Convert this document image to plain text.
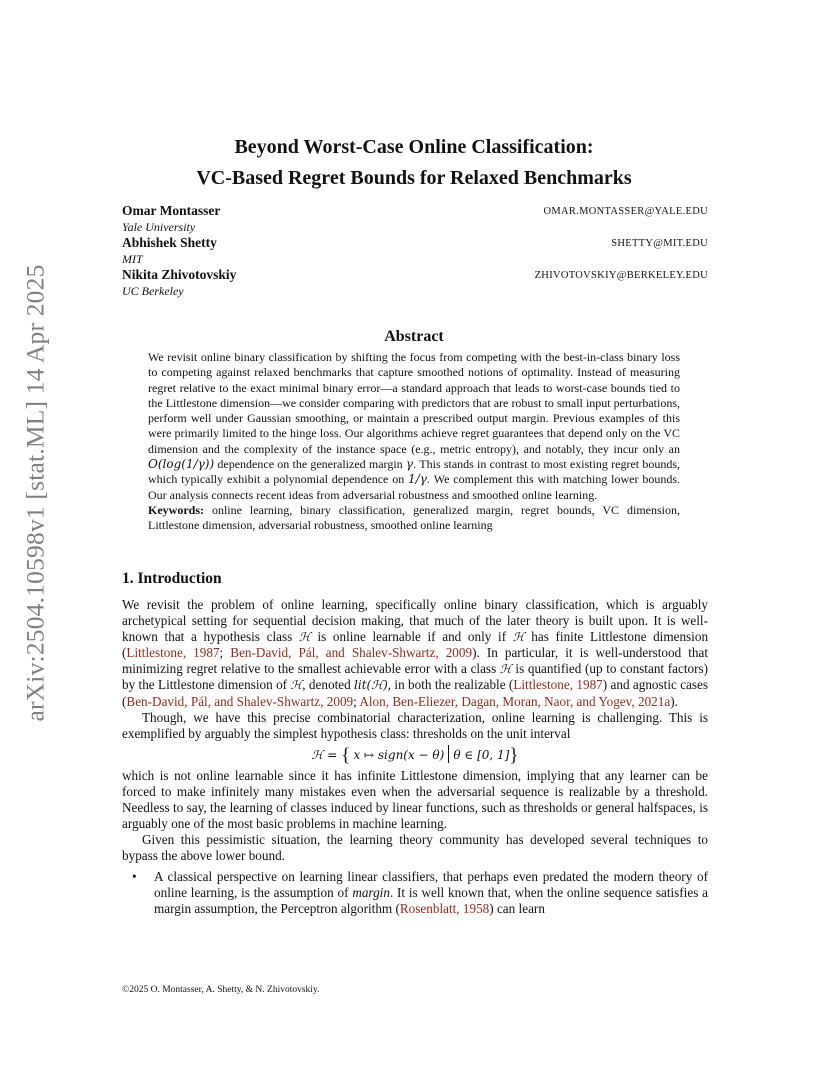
arXiv:2504.10598v1 [stat.ML] 14 Apr 2025
Beyond Worst-Case Online Classification:
VC-Based Regret Bounds for Relaxed Benchmarks
Omar Montasser
Yale University
OMAR.MONTASSER@YALE.EDU
Abhishek Shetty
MIT
SHETTY@MIT.EDU
Nikita Zhivotovskiy
UC Berkeley
ZHIVOTOVSKIY@BERKELEY.EDU
Abstract

We revisit online binary classification by shifting the focus from competing with the best-in-class binary loss to competing against relaxed benchmarks that capture smoothed notions of optimality. Instead of measuring regret relative to the exact minimal binary error—a standard approach that leads to worst-case bounds tied to the Littlestone dimension—we consider comparing with predictors that are robust to small input perturbations, perform well under Gaussian smoothing, or maintain a prescribed output margin. Previous examples of this were primarily limited to the hinge loss. Our algorithms achieve regret guarantees that depend only on the VC dimension and the complexity of the instance space (e.g., metric entropy), and notably, they incur only an O(log(1/γ)) dependence on the generalized margin γ. This stands in contrast to most existing regret bounds, which typically exhibit a polynomial dependence on 1/γ. We complement this with matching lower bounds. Our analysis connects recent ideas from adversarial robustness and smoothed online learning.

Keywords: online learning, binary classification, generalized margin, regret bounds, VC dimension, Littlestone dimension, adversarial robustness, smoothed online learning

1. Introduction

We revisit the problem of online learning, specifically online binary classification, which is arguably archetypical setting for sequential decision making, that much of the later theory is built upon. It is well-known that a hypothesis class ℋ is online learnable if and only if ℋ has finite Littlestone dimension (Littlestone, 1987; Ben-David, Pál, and Shalev-Shwartz, 2009). In particular, it is well-understood that minimizing regret relative to the smallest achievable error with a class ℋ is quantified (up to constant factors) by the Littlestone dimension of ℋ, denoted lit(ℋ), in both the realizable (Littlestone, 1987) and agnostic cases (Ben-David, Pál, and Shalev-Shwartz, 2009; Alon, Ben-Eliezer, Dagan, Moran, Naor, and Yogev, 2021a).

Though, we have this precise combinatorial characterization, online learning is challenging. This is exemplified by arguably the simplest hypothesis class: thresholds on the unit interval

ℋ = { x ↦ sign(x − θ) θ ∈ [0, 1]}

which is not online learnable since it has infinite Littlestone dimension, implying that any learner can be forced to make infinitely many mistakes even when the adversarial sequence is realizable by a threshold. Needless to say, the learning of classes induced by linear functions, such as thresholds or general halfspaces, is arguably one of the most basic problems in machine learning.

Given this pessimistic situation, the learning theory community has developed several techniques to bypass the above lower bound.

• A classical perspective on learning linear classifiers, that perhaps even predated the modern theory of online learning, is the assumption of margin. It is well known that, when the online sequence satisfies a margin assumption, the Perceptron algorithm (Rosenblatt, 1958) can learn
©2025 O. Montasser, A. Shetty, & N. Zhivotovskiy.
